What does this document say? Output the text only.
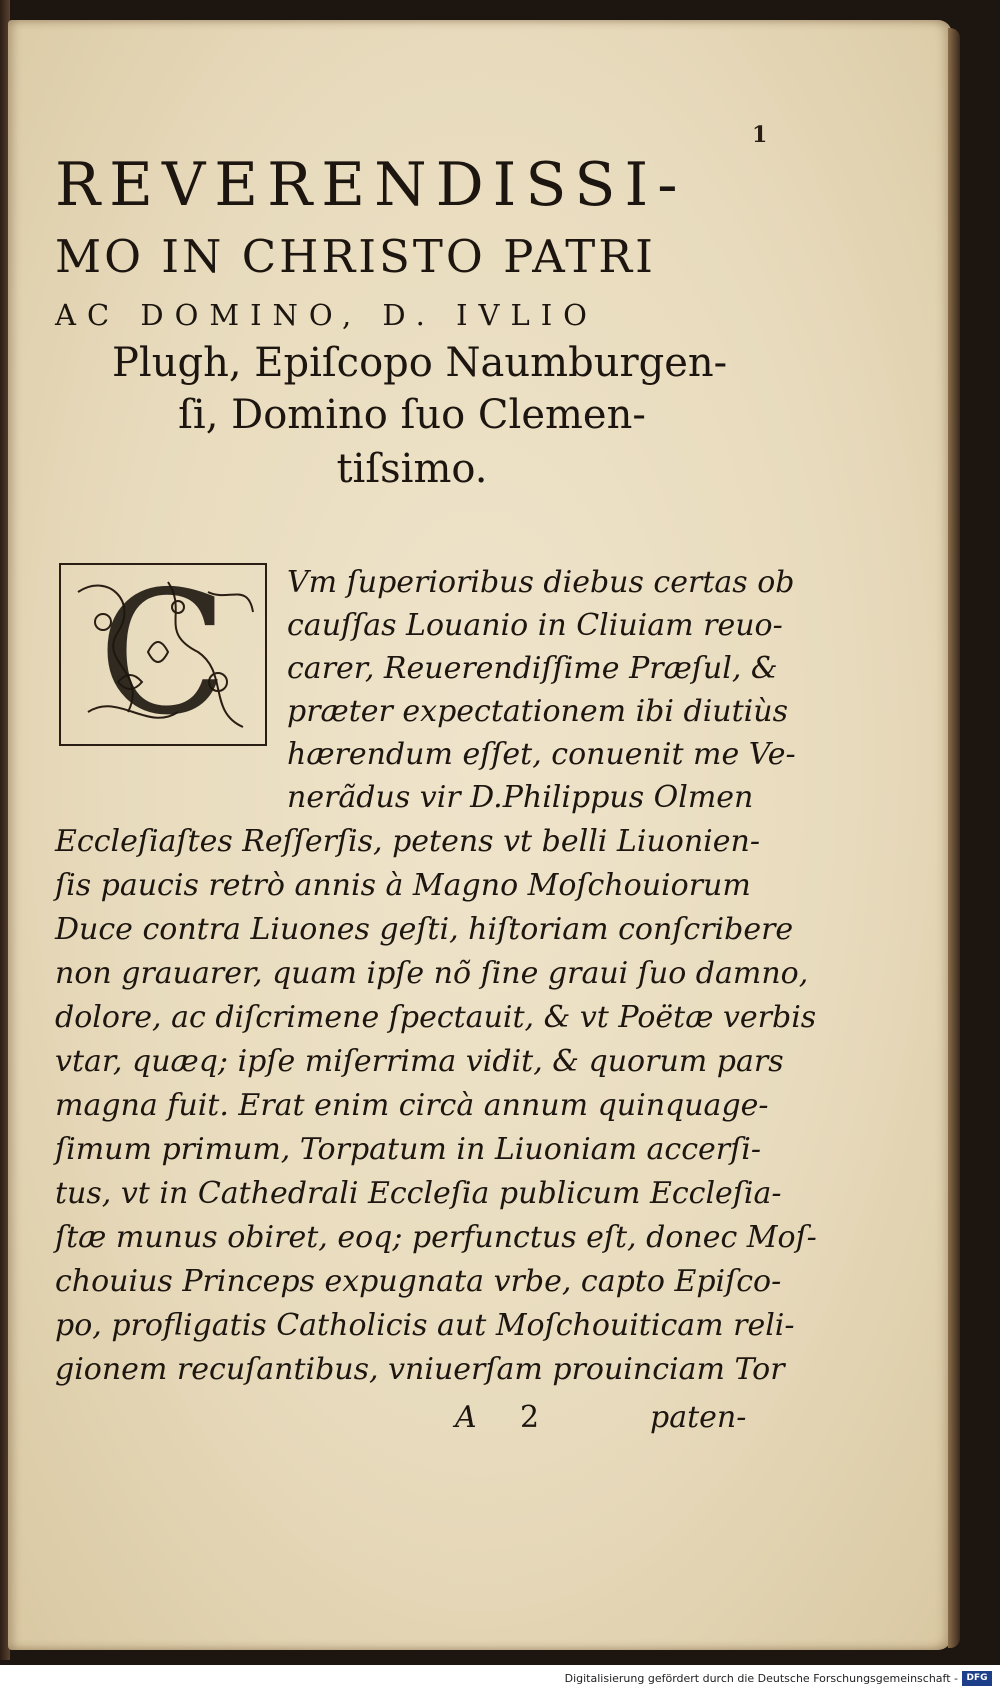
1
REVERENDISSI-
MO IN CHRISTO PATRI
AC DOMINO, D. IVLIO
Plugh, Epiſcopo Naumburgen-
ſi, Domino ſuo Clemen-
tiſsimo.
C Vm ſuperioribus diebus certas ob
cauſſas Louanio in Cliuiam reuo-
carer, Reuerendiſſime Præſul, &
præter expectationem ibi diutiùs
hærendum eſſet, conuenit me Ve-
nerãdus vir D.Philippus Olmen
Eccleſiaſtes Reſſerſis, petens vt belli Liuonien-
ſis paucis retrò annis à Magno Moſchouiorum
Duce contra Liuones geſti, hiſtoriam conſcribere
non grauarer, quam ipſe nõ ſine graui ſuo damno,
dolore, ac diſcrimene ſpectauit, & vt Poëtæ verbis
vtar, quæq; ipſe miſerrima vidit, & quorum pars
magna fuit. Erat enim circà annum quinquage-
ſimum primum, Torpatum in Liuoniam accerſi-
tus, vt in Cathedrali Eccleſia publicum Eccleſia-
ſtæ munus obiret, eoq; perfunctus eſt, donec Moſ-
chouius Princeps expugnata vrbe, capto Epiſco-
po, profligatis Catholicis aut Moſchouiticam reli-
gionem recuſantibus, vniuerſam prouinciam Tor
A 2	paten-
Digitalisierung gefördert durch die Deutsche Forschungsgemeinschaft - DFG
